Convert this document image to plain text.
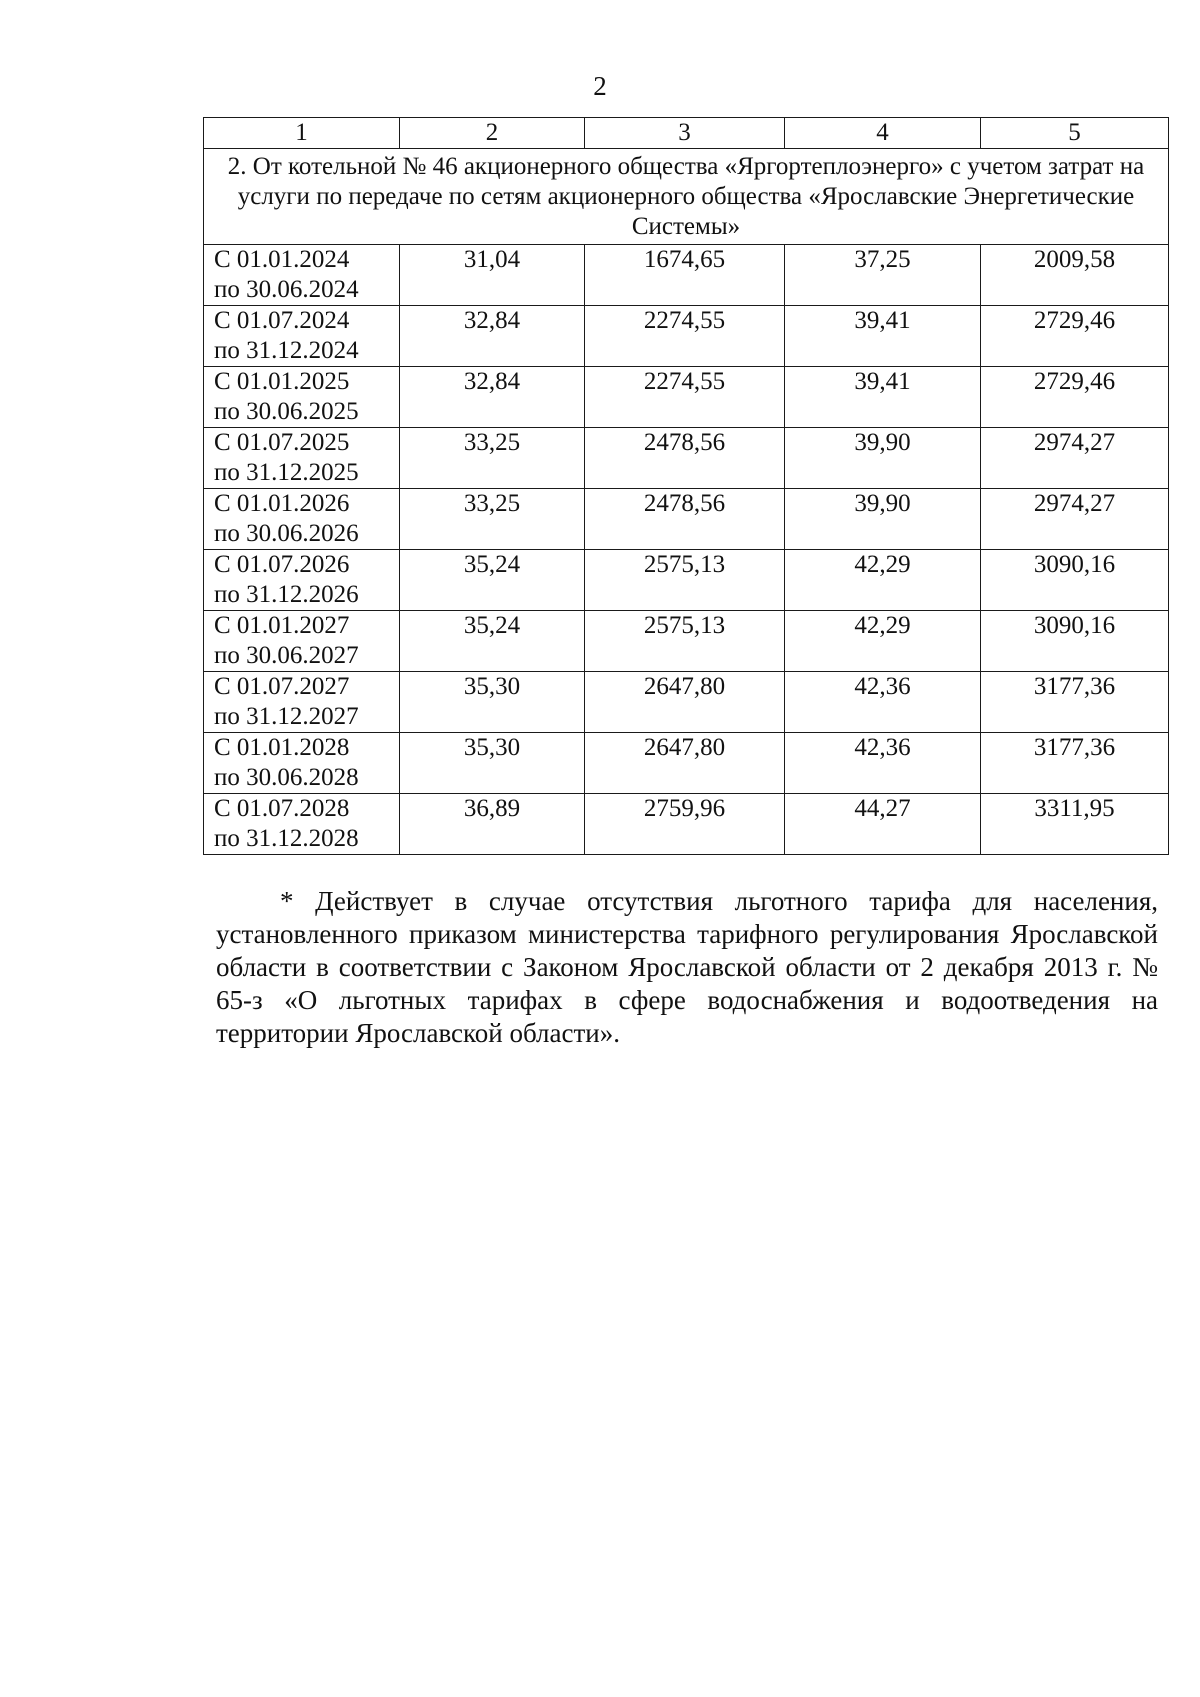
2
1	2	3	4	5
2. От котельной № 46 акционерного общества «Яргортеплоэнерго» с учетом затрат на услуги по передаче по сетям акционерного общества «Ярославские Энергетические Системы»				

С 01.01.2024
по 30.06.2024	31,04	1674,65	37,25	2009,58

С 01.07.2024
по 31.12.2024	32,84	2274,55	39,41	2729,46

С 01.01.2025
по 30.06.2025	32,84	2274,55	39,41	2729,46

С 01.07.2025
по 31.12.2025	33,25	2478,56	39,90	2974,27

С 01.01.2026
по 30.06.2026	33,25	2478,56	39,90	2974,27

С 01.07.2026
по 31.12.2026	35,24	2575,13	42,29	3090,16

С 01.01.2027
по 30.06.2027	35,24	2575,13	42,29	3090,16

С 01.07.2027
по 31.12.2027	35,30	2647,80	42,36	3177,36

С 01.01.2028
по 30.06.2028	35,30	2647,80	42,36	3177,36

С 01.07.2028
по 31.12.2028	36,89	2759,96	44,27	3311,95

* Действует в случае отсутствия льготного тарифа для населения, установленного приказом министерства тарифного регулирования Ярославской области в соответствии с Законом Ярославской области от 2 декабря 2013 г. № 65-з «О льготных тарифах в сфере водоснабжения и водоотведения на территории Ярославской области».
